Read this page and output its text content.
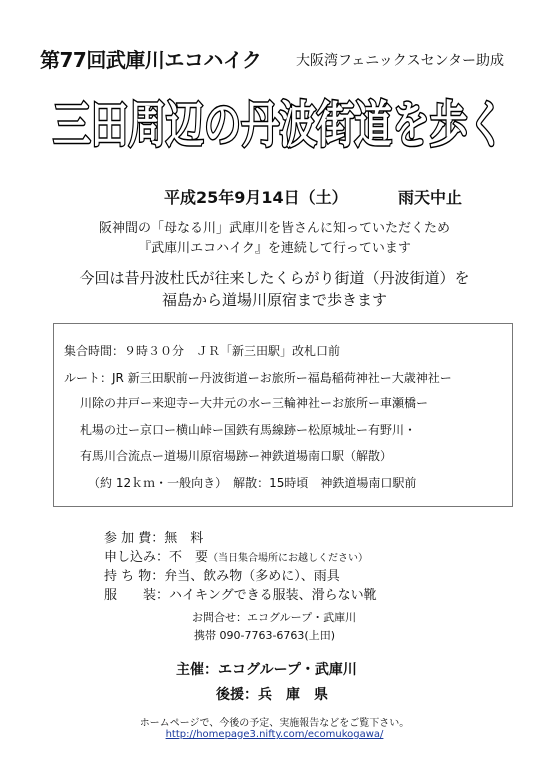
第77回武庫川エコハイク 大阪湾フェニックスセンター助成
三田周辺の丹波街道を歩く
平成25年9月14日（土）	雨天中止
阪神間の「母なる川」武庫川を皆さんに知っていただくため
『武庫川エコハイク』を連続して行っています
今回は昔丹波杜氏が往来したくらがり街道（丹波街道）を
福島から道場川原宿まで歩きます
集合時間：９時３０分　ＪＲ「新三田駅」改札口前
ルート：JR 新三田駅前ー丹波街道ーお旅所ー福島稲荷神社ー大歳神社ー
川除の井戸ー来迎寺ー大井元の水ー三輪神社ーお旅所ー車瀬橋ー
札場の辻ー京口ー横山峠ー国鉄有馬線跡ー松原城址ー有野川・
有馬川合流点ー道場川原宿場跡ー神鉄道場南口駅（解散）
（約 12ｋｍ・一般向き）　解散：15時頃　神鉄道場南口駅前
参 加 費：無　料
申し込み：不　要（当日集合場所にお越しください）
持 ち 物：弁当、飲み物（多めに）、雨具
服　　装：ハイキングできる服装、滑らない靴
お問合せ：エコグループ・武庫川
携帯 090-7763-6763(上田)
主催：エコグループ・武庫川
後援：兵　庫　県
ホームページで、今後の予定、実施報告などをご覧下さい。
http://homepage3.nifty.com/ecomukogawa/
